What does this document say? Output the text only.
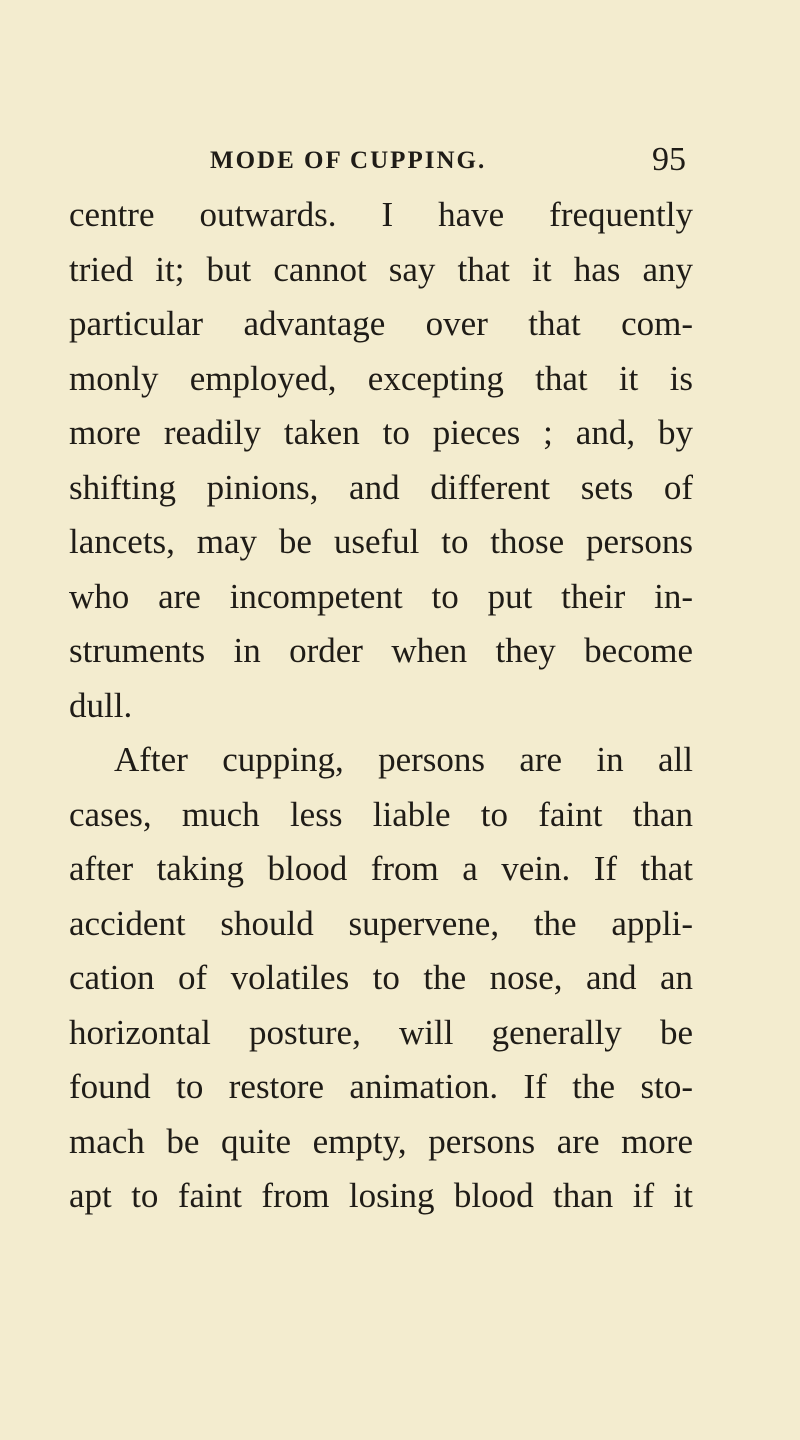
MODE OF CUPPING.	95
centre outwards. I have frequently
tried it; but cannot say that it has any
particular advantage over that com-
monly employed, excepting that it is
more readily taken to pieces ; and, by
shifting pinions, and different sets of
lancets, may be useful to those persons
who are incompetent to put their in-
struments in order when they become
dull.
After cupping, persons are in all
cases, much less liable to faint than
after taking blood from a vein. If that
accident should supervene, the appli-
cation of volatiles to the nose, and an
horizontal posture, will generally be
found to restore animation. If the sto-
mach be quite empty, persons are more
apt to faint from losing blood than if it
